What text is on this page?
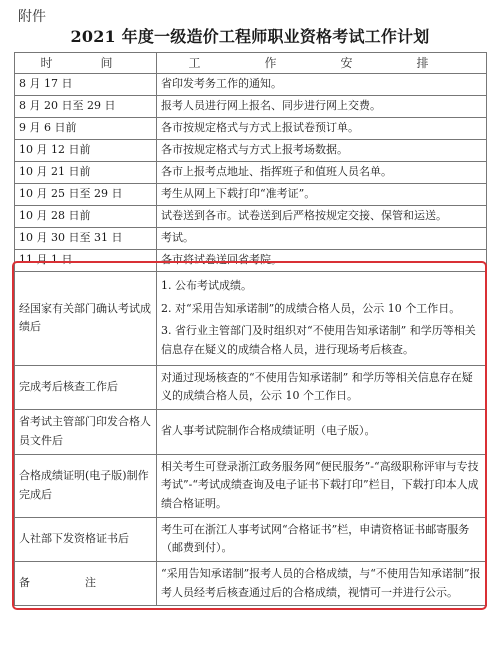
附件
2021 年度一级造价工程师职业资格考试工作计划
时　间	工　作　安　排
8 月 17 日	省印发考务工作的通知。
8 月 20 日至 29 日	报考人员进行网上报名、同步进行网上交费。
9 月 6 日前	各市按规定格式与方式上报试卷预订单。
10 月 12 日前	各市按规定格式与方式上报考场数据。
10 月 21 日前	各市上报考点地址、指挥班子和值班人员名单。
10 月 25 日至 29 日	考生从网上下载打印“准考证”。
10 月 28 日前	试卷送到各市。试卷送到后严格按规定交接、保管和运送。
10 月 30 日至 31 日	考试。
11 月 1 日	各市将试卷送回省考院。
经国家有关部门确认考试成绩后	1. 公布考试成绩。
2. 对“采用告知承诺制”的成绩合格人员，公示 10 个工作日。
3. 省行业主管部门及时组织对“不使用告知承诺制” 和学历等相关信息存在疑义的成绩合格人员，进行现场考后核查。

完成考后核查工作后	对通过现场核查的“不使用告知承诺制” 和学历等相关信息存在疑义的成绩合格人员，公示 10 个工作日。
省考试主管部门印发合格人员文件后	省人事考试院制作合格成绩证明（电子版）。
合格成绩证明(电子版)制作完成后	相关考生可登录浙江政务服务网“便民服务”-“高级职称评审与专技考试”-“考试成绩查询及电子证书下载打印”栏目，下载打印本人成绩合格证明。
人社部下发资格证书后	考生可在浙江人事考试网“合格证书”栏，申请资格证书邮寄服务（邮费到付）。
备　注	“采用告知承诺制”报考人员的合格成绩，与“不使用告知承诺制”报考人员经考后核查通过后的合格成绩，视情可一并进行公示。
